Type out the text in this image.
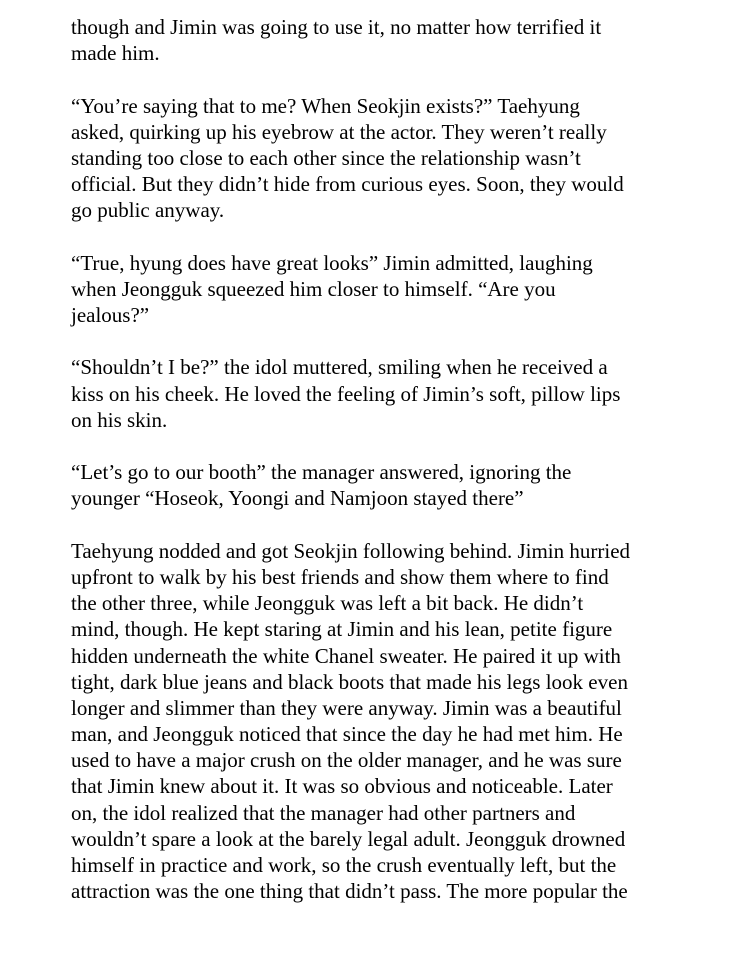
though and Jimin was going to use it, no matter how terrified it
made him.

“You’re saying that to me? When Seokjin exists?” Taehyung
asked, quirking up his eyebrow at the actor. They weren’t really
standing too close to each other since the relationship wasn’t
official. But they didn’t hide from curious eyes. Soon, they would
go public anyway.

“True, hyung does have great looks” Jimin admitted, laughing
when Jeongguk squeezed him closer to himself. “Are you
jealous?”

“Shouldn’t I be?” the idol muttered, smiling when he received a
kiss on his cheek. He loved the feeling of Jimin’s soft, pillow lips
on his skin.

“Let’s go to our booth” the manager answered, ignoring the
younger “Hoseok, Yoongi and Namjoon stayed there”

Taehyung nodded and got Seokjin following behind. Jimin hurried
upfront to walk by his best friends and show them where to find
the other three, while Jeongguk was left a bit back. He didn’t
mind, though. He kept staring at Jimin and his lean, petite figure
hidden underneath the white Chanel sweater. He paired it up with
tight, dark blue jeans and black boots that made his legs look even
longer and slimmer than they were anyway. Jimin was a beautiful
man, and Jeongguk noticed that since the day he had met him. He
used to have a major crush on the older manager, and he was sure
that Jimin knew about it. It was so obvious and noticeable. Later
on, the idol realized that the manager had other partners and
wouldn’t spare a look at the barely legal adult. Jeongguk drowned
himself in practice and work, so the crush eventually left, but the
attraction was the one thing that didn’t pass. The more popular the
